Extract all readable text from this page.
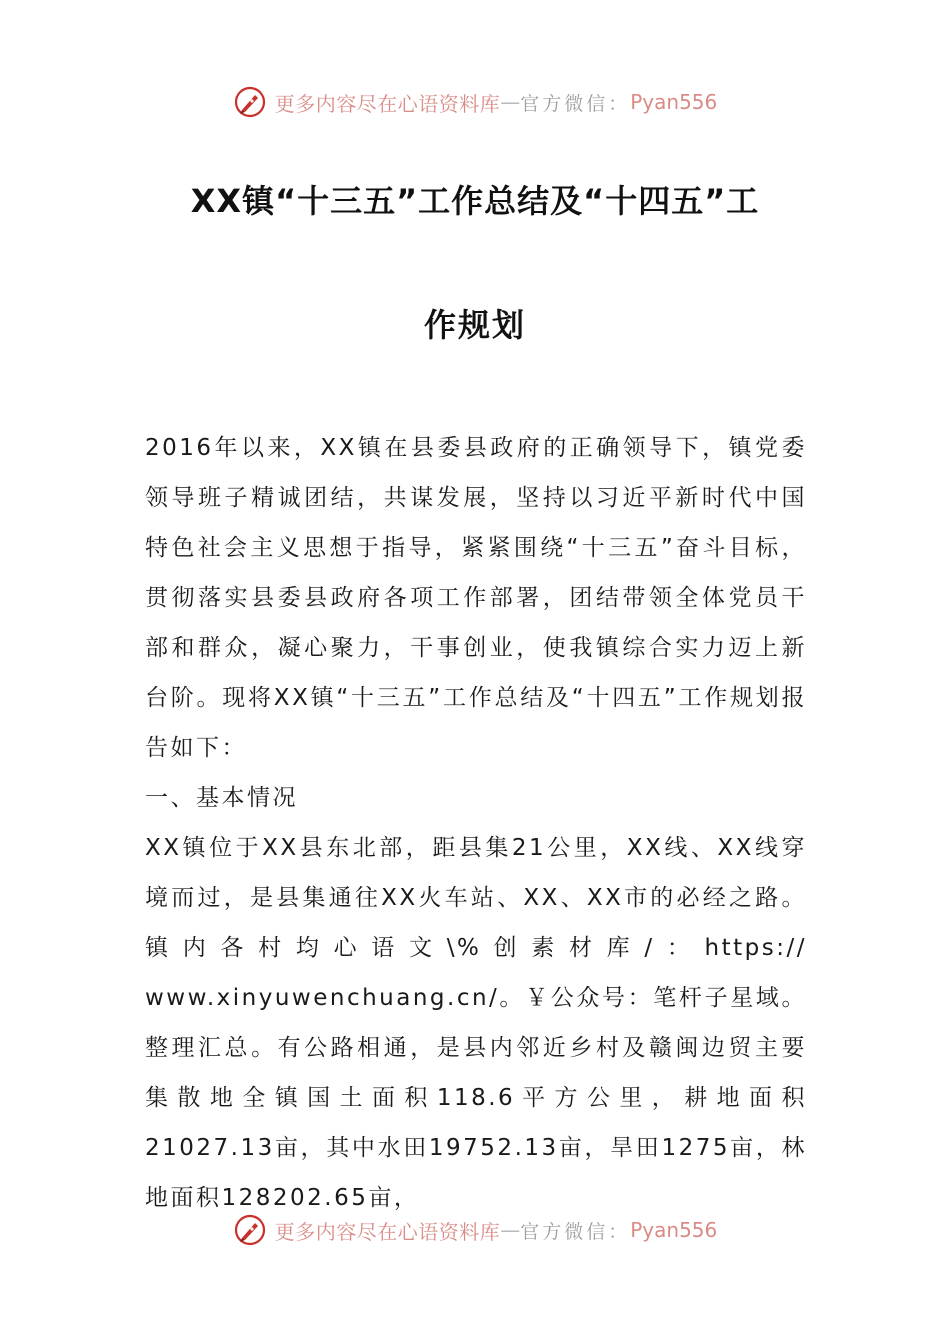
更多内容尽在心语资料库 — 官方微信： Pyan556
XX镇“十三五”工作总结及“十四五”工
作规划

2016年以来，XX镇在县委县政府的正确领导下，镇党委领导班子精诚团结，共谋发展，坚持以习近平新时代中国特色社会主义思想于指导，紧紧围绕“十三五”奋斗目标，贯彻落实县委县政府各项工作部署，团结带领全体党员干部和群众，凝心聚力，干事创业，使我镇综合实力迈上新台阶。现将XX镇“十三五”工作总结及“十四五”工作规划报告如下：

一、基本情况

XX镇位于XX县东北部，距县集21公里，XX线、XX线穿境而过，是县集通往XX火车站、XX、XX市的必经之路。镇内各村均心语文\%创素材库/：https://

www.xinyuwenchuang.cn/。￥公众号：笔杆子星域。整理汇总。有公路相通，是县内邻近乡村及赣闽边贸主要集散地全镇国土面积118.6平方公里，耕地面积21027.13亩，其中水田19752.13亩，旱田1275亩，林地面积128202.65亩，

更多内容尽在心语资料库 — 官方微信： Pyan556
